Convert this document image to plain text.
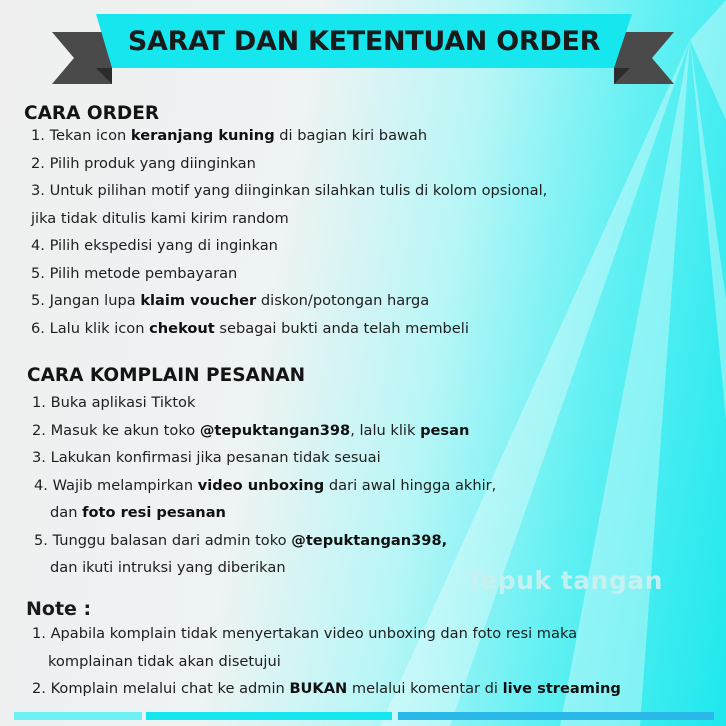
SARAT DAN KETENTUAN ORDER
CARA ORDER
1. Tekan icon keranjang kuning di bagian kiri bawah
2. Pilih produk yang diinginkan
3. Untuk pilihan motif yang diinginkan silahkan tulis di kolom opsional,
jika tidak ditulis kami kirim random
4. Pilih ekspedisi yang di inginkan
5. Pilih metode pembayaran
5. Jangan lupa klaim voucher diskon/potongan harga
6. Lalu klik icon chekout sebagai bukti anda telah membeli
CARA KOMPLAIN PESANAN
1. Buka aplikasi Tiktok
2. Masuk ke akun toko @tepuktangan398, lalu klik pesan
3. Lakukan konfirmasi jika pesanan tidak sesuai
4. Wajib melampirkan video unboxing dari awal hingga akhir,
dan foto resi pesanan
5. Tunggu balasan dari admin toko @tepuktangan398,
dan ikuti intruksi yang diberikan
Note :
1. Apabila komplain tidak menyertakan video unboxing dan foto resi maka
komplainan tidak akan disetujui
2. Komplain melalui chat ke admin BUKAN melalui komentar di live streaming
Tepuk tangan
